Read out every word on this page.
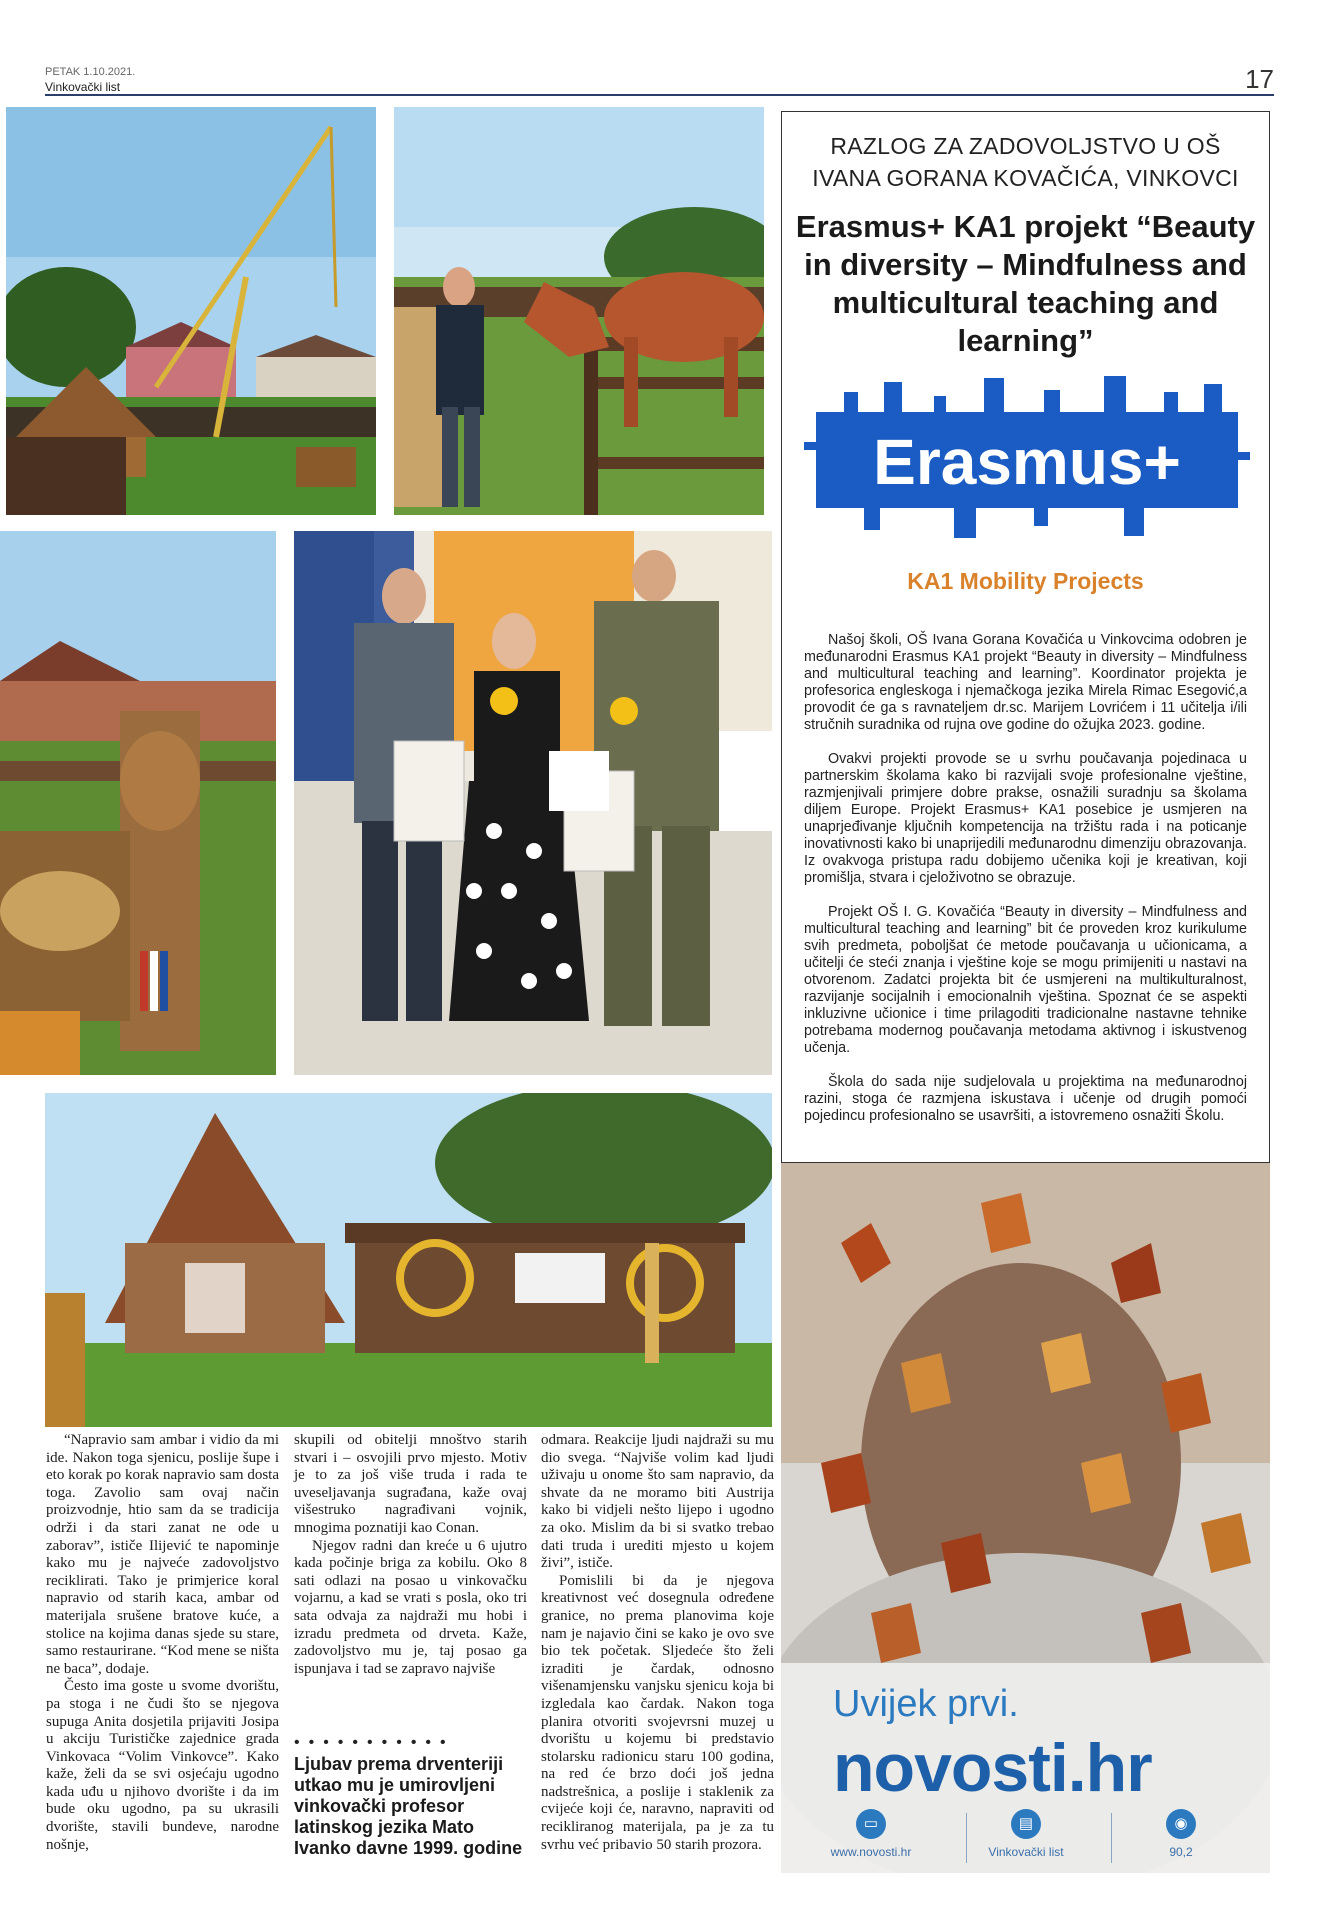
PETAK 1.10.2021.
Vinkovački list	17
RAZLOG ZA ZADOVOLJSTVO U OŠ
IVANA GORANA KOVAČIĆA, VINKOVCI
Erasmus+ KA1 projekt “Beauty in diversity – Mindfulness and multicultural teaching and learning”
Erasmus+
KA1 Mobility Projects

Našoj školi, OŠ Ivana Gorana Kovačića u Vinkovcima odobren je međunarodni Erasmus KA1 projekt “Beauty in diversity – Mindfulness and multicultural teaching and learning”. Koordinator projekta je profesorica engleskoga i njemačkoga jezika Mirela Rimac Esegović,a provodit će ga s ravnateljem dr.sc. Marijem Lovrićem i 11 učitelja i/ili stručnih suradnika od rujna ove godine do ožujka 2023. godine.

Ovakvi projekti provode se u svrhu poučavanja pojedinaca u partnerskim školama kako bi razvijali svoje profesionalne vještine, razmjenjivali primjere dobre prakse, osnažili suradnju sa školama diljem Europe. Projekt Erasmus+ KA1 posebice je usmjeren na unaprjeđivanje ključnih kompetencija na tržištu rada i na poticanje inovativnosti kako bi unaprijedili međunarodnu dimenziju obrazovanja. Iz ovakvoga pristupa radu dobijemo učenika koji je kreativan, koji promišlja, stvara i cjeloživotno se obrazuje.

Projekt OŠ I. G. Kovačića “Beauty in diversity – Mindfulness and multicultural teaching and learning” bit će proveden kroz kurikulume svih predmeta, poboljšat će metode poučavanja u učionicama, a učitelji će steći znanja i vještine koje se mogu primijeniti u nastavi na otvorenom. Zadatci projekta bit će usmjereni na multikulturalnost, razvijanje socijalnih i emocionalnih vještina. Spoznat će se aspekti inkluzivne učionice i time prilagoditi tradicionalne nastavne tehnike potrebama modernog poučavanja metodama aktivnog i iskustvenog učenja.

Škola do sada nije sudjelovala u projektima na međunarodnoj razini, stoga će razmjena iskustava i učenje od drugih pomoći pojedincu profesionalno se usavršiti, a istovremeno osnažiti Školu.

“Napravio sam ambar i vidio da mi ide. Nakon toga sjenicu, poslije šupe i eto korak po korak napravio sam dosta toga. Zavolio sam ovaj način proizvodnje, htio sam da se tradicija održi i da stari zanat ne ode u zaborav”, ističe Ilijević te napominje kako mu je najveće zadovoljstvo reciklirati. Tako je primjerice koral napravio od starih kaca, ambar od materijala srušene bratove kuće, a stolice na kojima danas sjede su stare, samo restaurirane. “Kod mene se ništa ne baca”, dodaje.

Često ima goste u svome dvorištu, pa stoga i ne čudi što se njegova supuga Anita dosjetila prijaviti Josipa u akciju Turističke zajednice grada Vinkovaca “Volim Vinkovce”. Kako kaže, želi da se svi osjećaju ugodno kada uđu u njihovo dvorište i da im bude oku ugodno, pa su ukrasili dvorište, stavili bundeve, narodne nošnje,

skupili od obitelji mnoštvo starih stvari i – osvojili prvo mjesto. Motiv je to za još više truda i rada te uveseljavanja sugrađana, kaže ovaj višestruko nagrađivani vojnik, mnogima poznatiji kao Conan.

Njegov radni dan kreće u 6 ujutro kada počinje briga za kobilu. Oko 8 sati odlazi na posao u vinkovačku vojarnu, a kad se vrati s posla, oko tri sata odvaja za najdraži mu hobi i izradu predmeta od drveta. Kaže, zadovoljstvo mu je, taj posao ga ispunjava i tad se zapravo najviše

•••••••••••
Ljubav prema drventeriji utkao mu je umirovljeni vinkovački profesor latinskog jezika Mato Ivanko davne 1999. godine

odmara. Reakcije ljudi najdraži su mu dio svega. “Najviše volim kad ljudi uživaju u onome što sam napravio, da shvate da ne moramo biti Austrija kako bi vidjeli nešto lijepo i ugodno za oko. Mislim da bi si svatko trebao dati truda i urediti mjesto u kojem živi”, ističe.

Pomislili bi da je njegova kreativnost već dosegnula određene granice, no prema planovima koje nam je najavio čini se kako je ovo sve bio tek početak. Sljedeće što želi izraditi je čardak, odnosno višenamjensku vanjsku sjenicu koja bi izgledala kao čardak. Nakon toga planira otvoriti svojevrsni muzej u dvorištu u kojemu bi predstavio stolarsku radionicu staru 100 godina, na red će brzo doći još jedna nadstrešnica, a poslije i staklenik za cvijeće koji će, naravno, napraviti od recikliranog materijala, pa je za tu svrhu već pribavio 50 starih prozora.

Uvijek prvi.
novosti.hr
▭
www.novosti.hr
▤
Vinkovački list
◉
90,2
